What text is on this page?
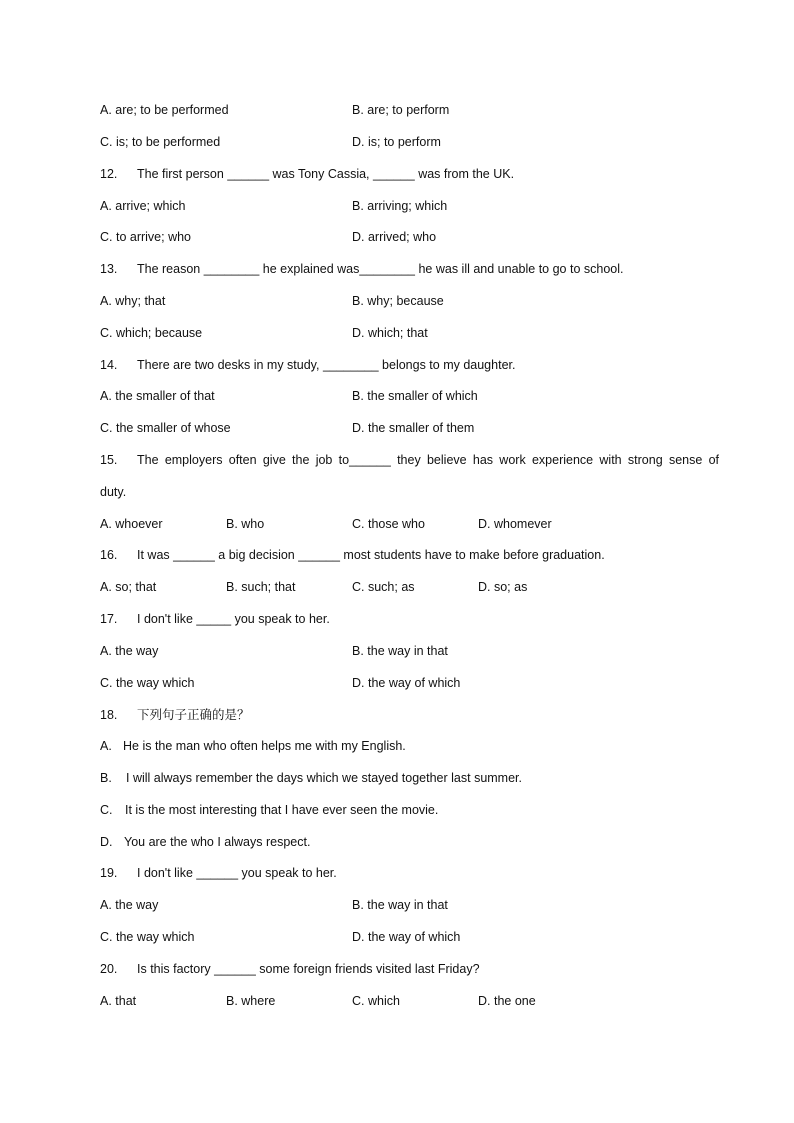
A. are; to be performed	B. are; to perform
C. is; to be performed	D. is; to perform
12. The first person ______ was Tony Cassia, ______ was from the UK.
A. arrive; which	B. arriving; which
C. to arrive; who	D. arrived; who
13. The reason ________ he explained was________ he was ill and unable to go to school.
A. why; that	B. why; because
C. which; because	D. which; that
14. There are two desks in my study, ________ belongs to my daughter.
A. the smaller of that	B. the smaller of which
C. the smaller of whose	D. the smaller of them
15.	The employers often give the job to______ they believe has work experience with strong sense of
duty.
A. whoever	B. who	C. those who	D. whomever
16. It was ______ a big decision ______ most students have to make before graduation.
A. so; that	B. such; that	C. such; as	D. so; as
17. I don't like _____ you speak to her.
A. the way	B. the way in that
C. the way which	D. the way of which
18. 下列句子正确的是？
A. He is the man who often helps me with my English.
B. I will always remember the days which we stayed together last summer.
C. It is the most interesting that I have ever seen the movie.
D. You are the who I always respect.
19. I don't like ______ you speak to her.
A. the way	B. the way in that
C. the way which	D. the way of which
20. Is this factory ______ some foreign friends visited last Friday?
A. that	B. where	C. which	D. the one
